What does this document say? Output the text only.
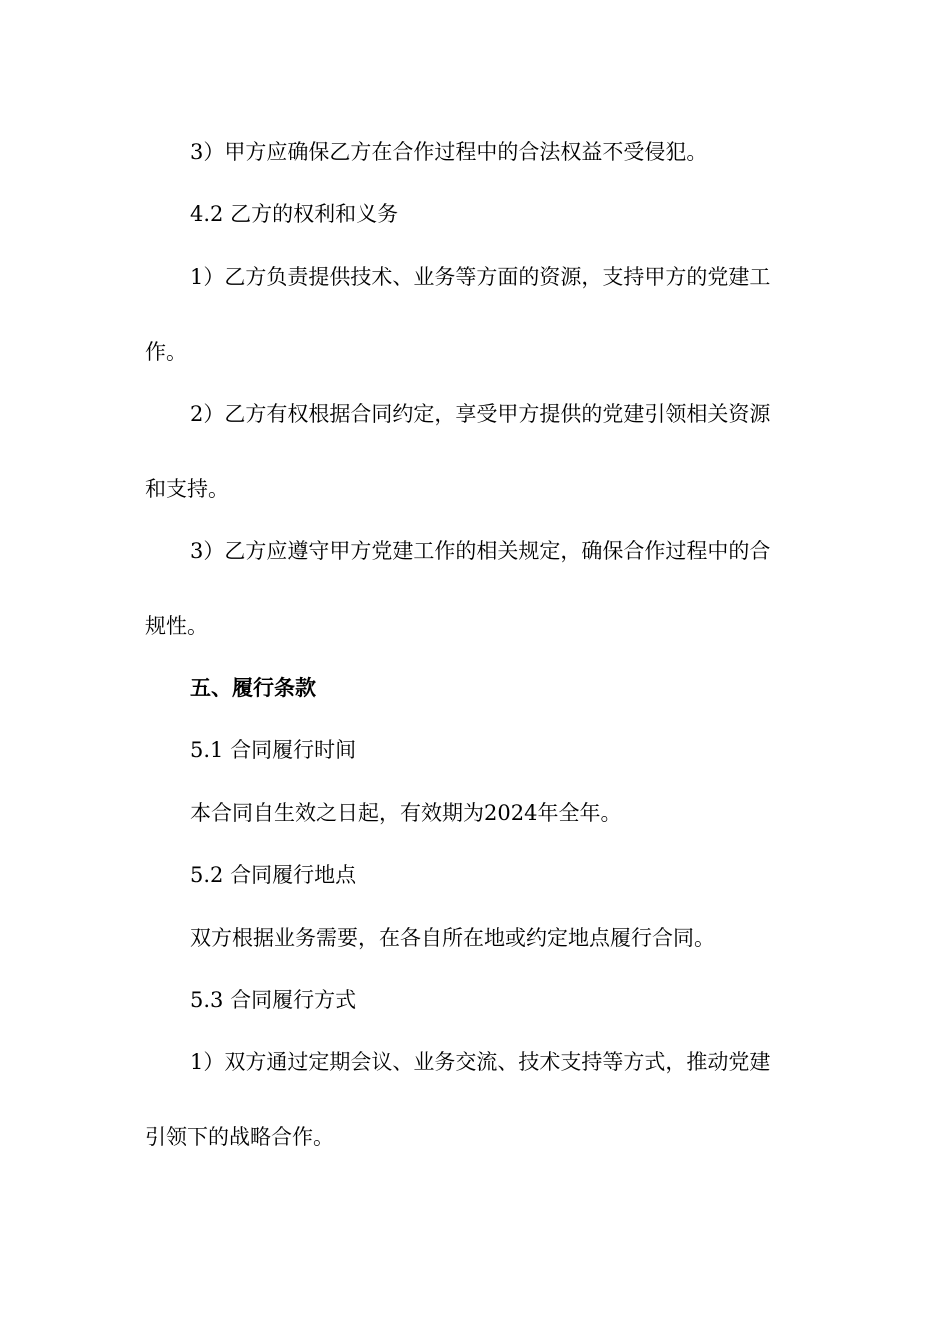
3）甲方应确保乙方在合作过程中的合法权益不受侵犯。
4.2 乙方的权利和义务
1）乙方负责提供技术、业务等方面的资源，支持甲方的党建工
作。
2）乙方有权根据合同约定，享受甲方提供的党建引领相关资源
和支持。
3）乙方应遵守甲方党建工作的相关规定，确保合作过程中的合
规性。
五、履行条款
5.1 合同履行时间
本合同自生效之日起，有效期为2024年全年。
5.2 合同履行地点
双方根据业务需要，在各自所在地或约定地点履行合同。
5.3 合同履行方式
1）双方通过定期会议、业务交流、技术支持等方式，推动党建
引领下的战略合作。
